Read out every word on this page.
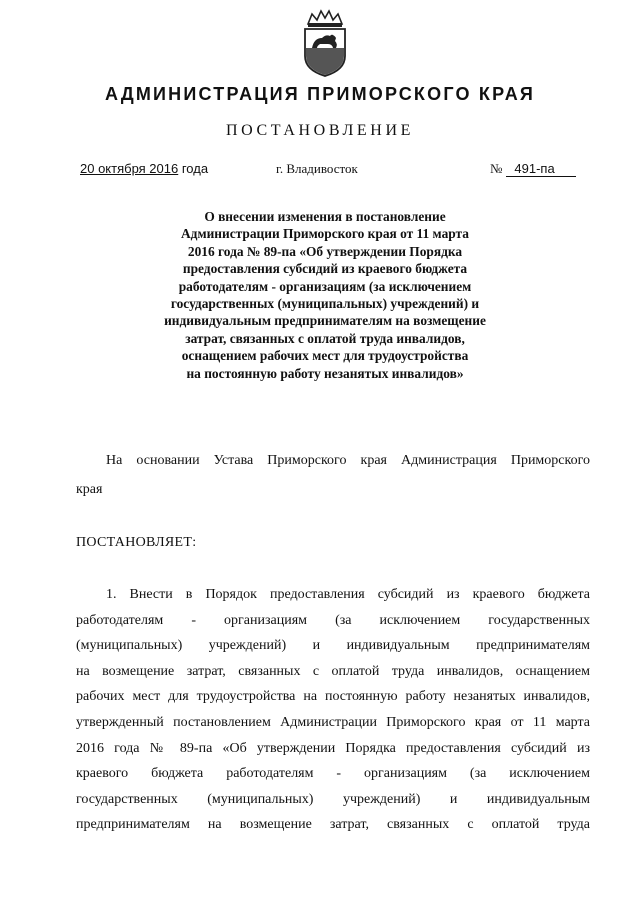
АДМИНИСТРАЦИЯ ПРИМОРСКОГО КРАЯ
ПОСТАНОВЛЕНИЕ
20 октября 2016 года	г. Владивосток	№ 491-па
О внесении изменения в постановление
Администрации Приморского края от 11 марта
2016 года № 89-па «Об утверждении Порядка
предоставления субсидий из краевого бюджета
работодателям - организациям (за исключением
государственных (муниципальных) учреждений) и
индивидуальным предпринимателям на возмещение
затрат, связанных с оплатой труда инвалидов,
оснащением рабочих мест для трудоустройства
на постоянную работу незанятых инвалидов»
На основании Устава Приморского края Администрация Приморского
края
ПОСТАНОВЛЯЕТ:
1. Внести в Порядок предоставления субсидий из краевого бюджета
работодателям - организациям (за исключением государственных
(муниципальных) учреждений) и индивидуальным предпринимателям
на возмещение затрат, связанных с оплатой труда инвалидов, оснащением
рабочих мест для трудоустройства на постоянную работу незанятых инвалидов,
утвержденный постановлением Администрации Приморского края от 11 марта
2016 года № 89-па «Об утверждении Порядка предоставления субсидий из
краевого бюджета работодателям - организациям (за исключением
государственных (муниципальных) учреждений) и индивидуальным
предпринимателям на возмещение затрат, связанных с оплатой труда
